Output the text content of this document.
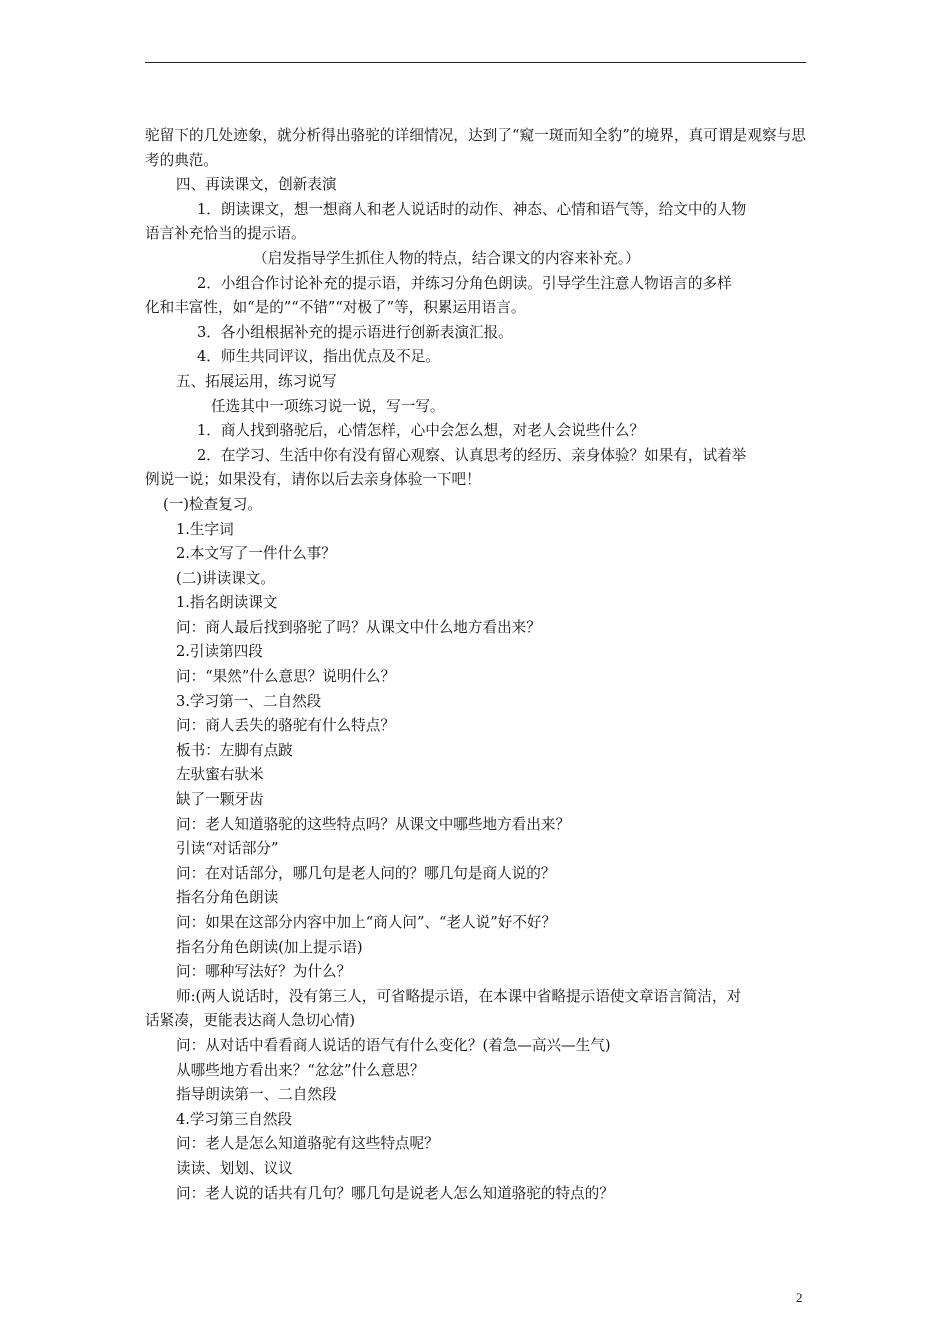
驼留下的几处迹象，就分析得出骆驼的详细情况，达到了“窥一斑而知全豹”的境界，真可谓是观察与思考的典范。

四、再读课文，创新表演

1．朗读课文，想一想商人和老人说话时的动作、神态、心情和语气等，给文中的人物

语言补充恰当的提示语。

（启发指导学生抓住人物的特点，结合课文的内容来补充。）

2．小组合作讨论补充的提示语，并练习分角色朗读。引导学生注意人物语言的多样

化和丰富性，如“是的”“不错”“对极了”等，积累运用语言。

3．各小组根据补充的提示语进行创新表演汇报。

4．师生共同评议，指出优点及不足。

五、拓展运用，练习说写

任选其中一项练习说一说，写一写。

1．商人找到骆驼后，心情怎样，心中会怎么想，对老人会说些什么？

2．在学习、生活中你有没有留心观察、认真思考的经历、亲身体验？如果有，试着举

例说一说；如果没有，请你以后去亲身体验一下吧！

(一)检查复习。

1.生字词

2.本文写了一件什么事？

(二)讲读课文。

1.指名朗读课文

问：商人最后找到骆驼了吗？从课文中什么地方看出来？

2.引读第四段

问：“果然”什么意思？说明什么？

3.学习第一、二自然段

问：商人丢失的骆驼有什么特点？

板书：左脚有点跛

左驮蜜右驮米

缺了一颗牙齿

问：老人知道骆驼的这些特点吗？从课文中哪些地方看出来？

引读“对话部分”

问：在对话部分，哪几句是老人问的？哪几句是商人说的？

指名分角色朗读

问：如果在这部分内容中加上“商人问”、“老人说”好不好？

指名分角色朗读(加上提示语)

问：哪种写法好？为什么？

师:(两人说话时，没有第三人，可省略提示语，在本课中省略提示语使文章语言简洁，对

话紧凑，更能表达商人急切心情)

问：从对话中看看商人说话的语气有什么变化？(着急—高兴—生气)

从哪些地方看出来？“忿忿”什么意思？

指导朗读第一、二自然段

4.学习第三自然段

问：老人是怎么知道骆驼有这些特点呢？

读读、划划、议议

问：老人说的话共有几句？哪几句是说老人怎么知道骆驼的特点的？

2
